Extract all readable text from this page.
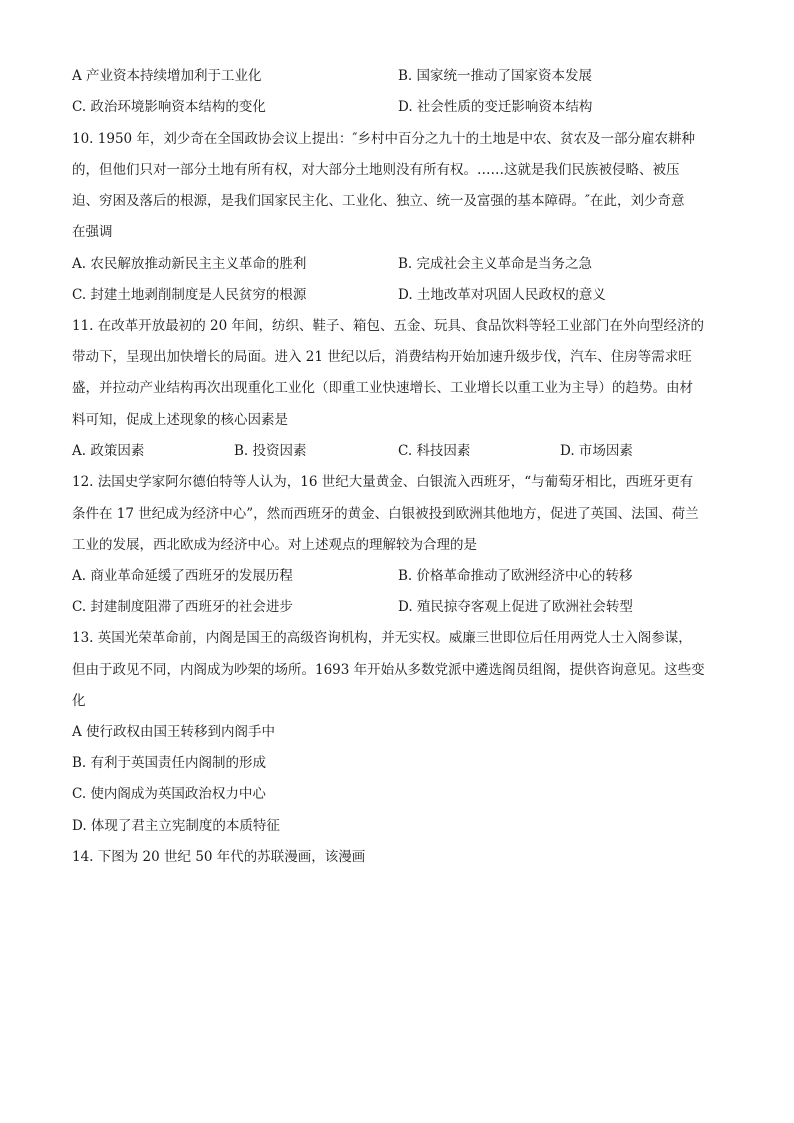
A 产业资本持续增加利于工业化	B. 国家统一推动了国家资本发展
C. 政治环境影响资本结构的变化	D. 社会性质的变迁影响资本结构
10. 1950 年，刘少奇在全国政协会议上提出：″乡村中百分之九十的土地是中农、贫农及一部分雇农耕种
的，但他们只对一部分土地有所有权，对大部分土地则没有所有权。……这就是我们民族被侵略、被压
迫、穷困及落后的根源，是我们国家民主化、工业化、独立、统一及富强的基本障碍。″在此，刘少奇意
在强调
A. 农民解放推动新民主主义革命的胜利	B. 完成社会主义革命是当务之急
C. 封建土地剥削制度是人民贫穷的根源	D. 土地改革对巩固人民政权的意义
11. 在改革开放最初的 20 年间，纺织、鞋子、箱包、五金、玩具、食品饮料等轻工业部门在外向型经济的
带动下，呈现出加快增长的局面。进入 21 世纪以后，消费结构开始加速升级步伐，汽车、住房等需求旺
盛，并拉动产业结构再次出现重化工业化（即重工业快速增长、工业增长以重工业为主导）的趋势。由材
料可知，促成上述现象的核心因素是
A. 政策因素	B. 投资因素	C. 科技因素	D. 市场因素
12. 法国史学家阿尔德伯特等人认为，16 世纪大量黄金、白银流入西班牙，“与葡萄牙相比，西班牙更有
条件在 17 世纪成为经济中心”，然而西班牙的黄金、白银被投到欧洲其他地方，促进了英国、法国、荷兰
工业的发展，西北欧成为经济中心。对上述观点的理解较为合理的是
A. 商业革命延缓了西班牙的发展历程	B. 价格革命推动了欧洲经济中心的转移
C. 封建制度阻滞了西班牙的社会进步	D. 殖民掠夺客观上促进了欧洲社会转型
13. 英国光荣革命前，内阁是国王的高级咨询机构，并无实权。威廉三世即位后任用两党人士入阁参谋，
但由于政见不同，内阁成为吵架的场所。1693 年开始从多数党派中遴选阁员组阁，提供咨询意见。这些变
化
A 使行政权由国王转移到内阁手中
B. 有利于英国责任内阁制的形成
C. 使内阁成为英国政治权力中心
D. 体现了君主立宪制度的本质特征
14. 下图为 20 世纪 50 年代的苏联漫画，该漫画
